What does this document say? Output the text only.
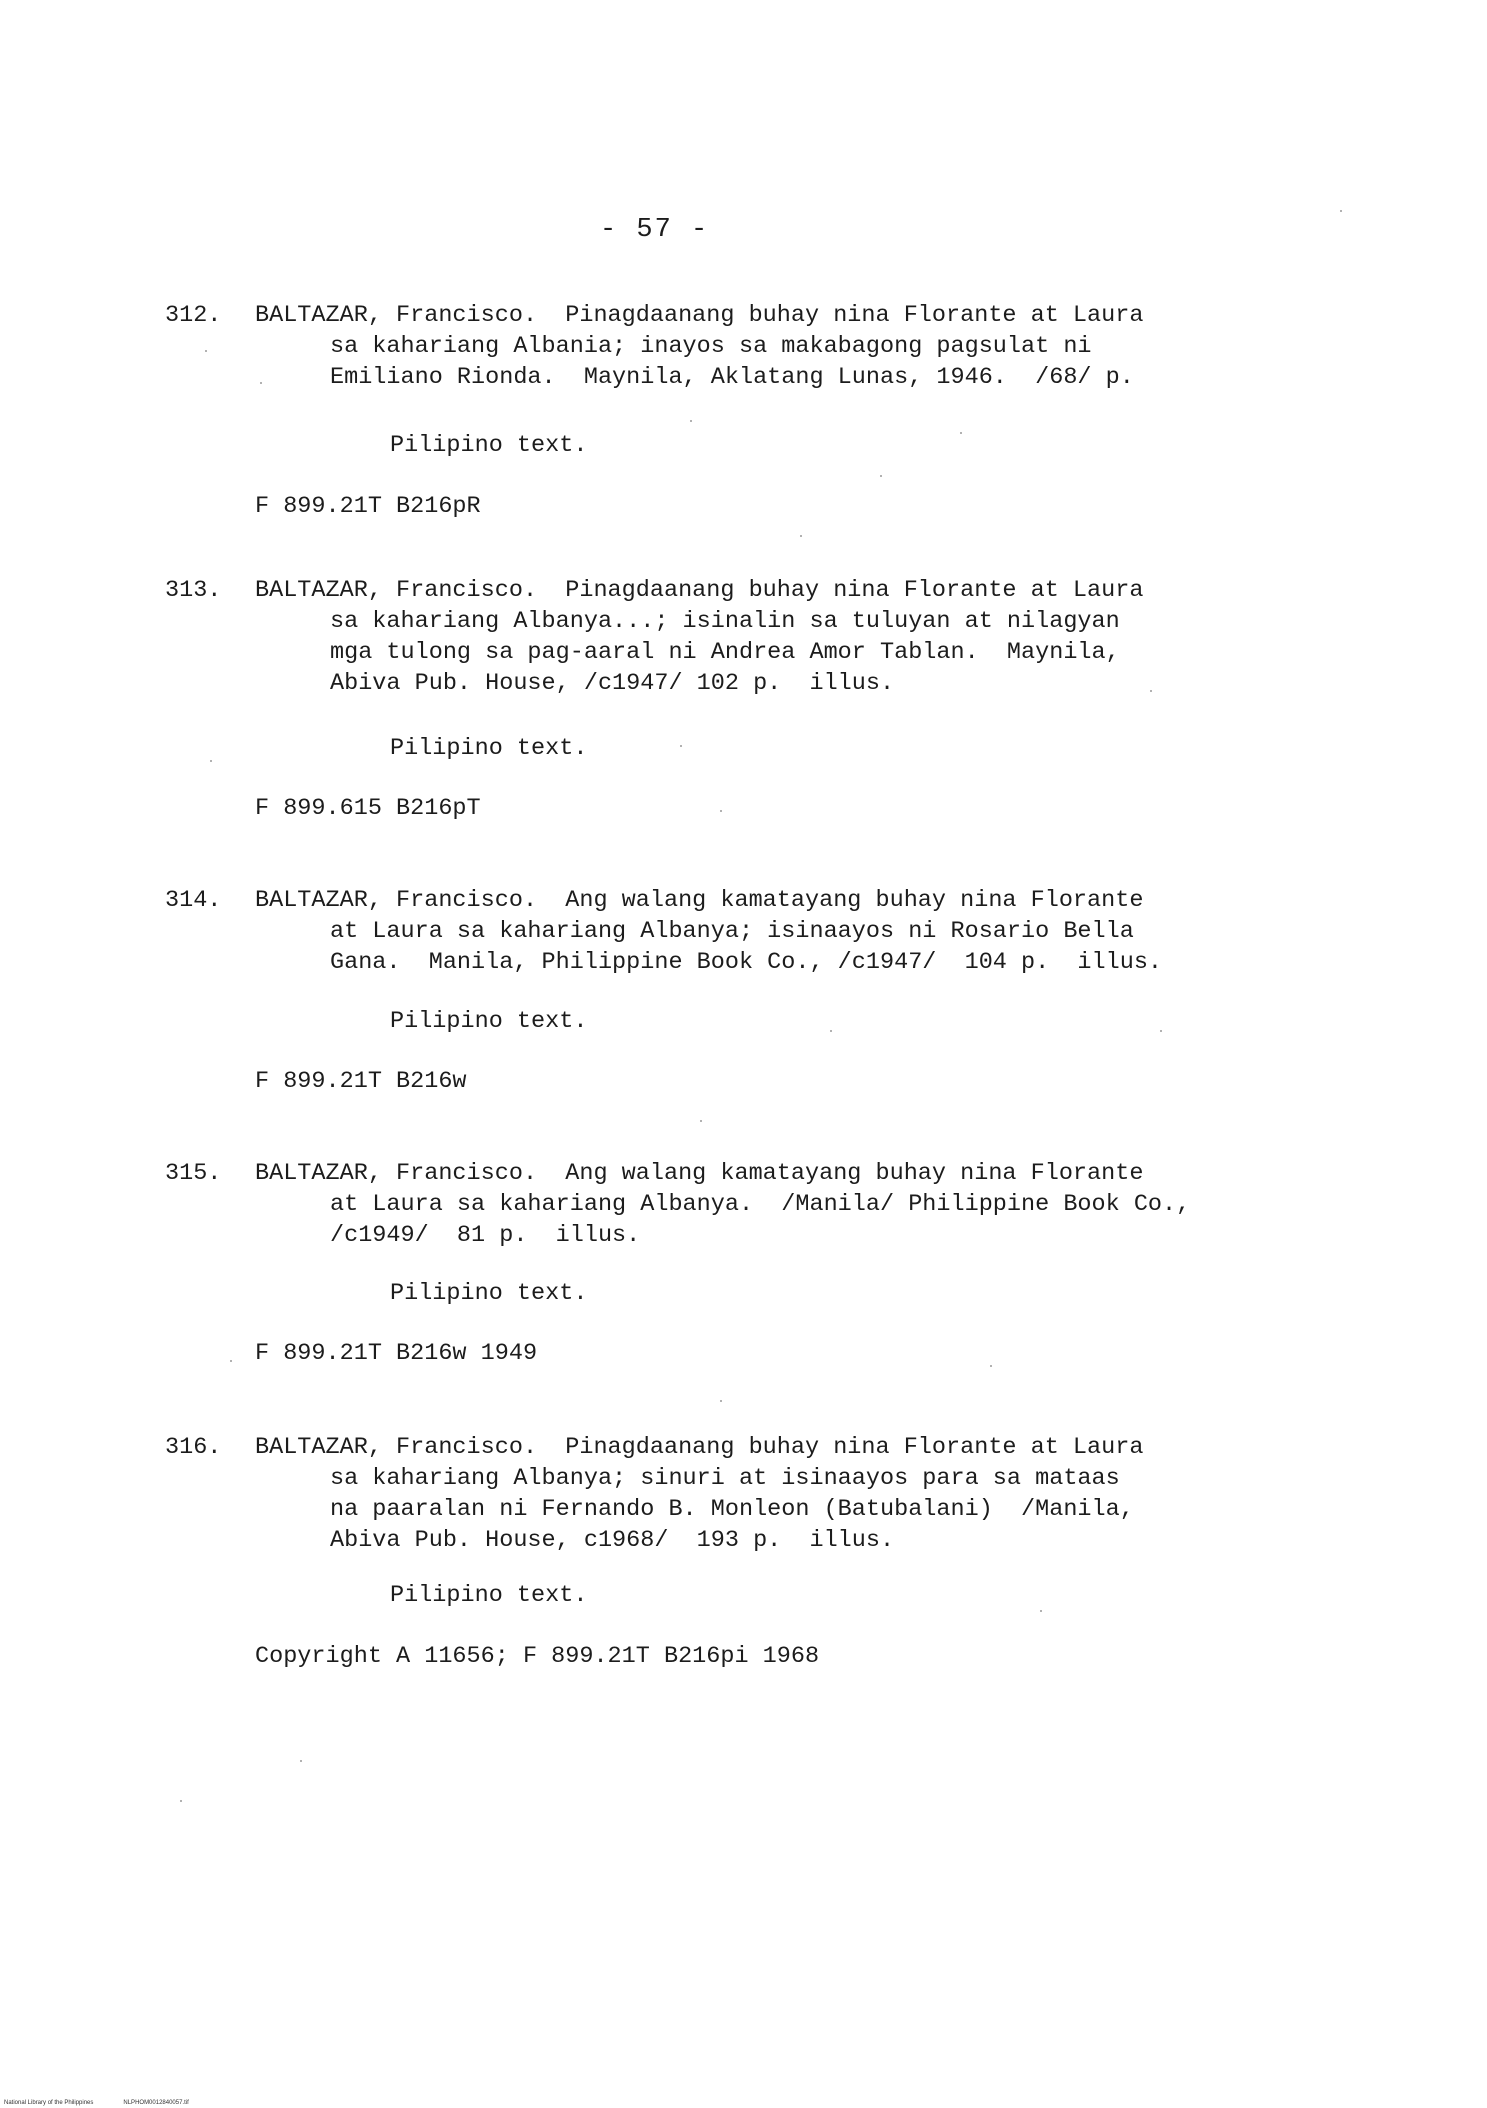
- 57 -
312.	BALTAZAR, Francisco.  Pinagdaanang buhay nina Florante at Laura
sa kahariang Albania; inayos sa makabagong pagsulat ni
Emiliano Rionda.  Maynila, Aklatang Lunas, 1946.  /68/ p.
Pilipino text.
F 899.21T B216pR
313.	BALTAZAR, Francisco.  Pinagdaanang buhay nina Florante at Laura
sa kahariang Albanya...; isinalin sa tuluyan at nilagyan
mga tulong sa pag-aaral ni Andrea Amor Tablan.  Maynila,
Abiva Pub. House, /c1947/ 102 p.  illus.
Pilipino text.
F 899.615 B216pT
314.	BALTAZAR, Francisco.  Ang walang kamatayang buhay nina Florante
at Laura sa kahariang Albanya; isinaayos ni Rosario Bella
Gana.  Manila, Philippine Book Co., /c1947/  104 p.  illus.
Pilipino text.
F 899.21T B216w
315.	BALTAZAR, Francisco.  Ang walang kamatayang buhay nina Florante
at Laura sa kahariang Albanya.  /Manila/ Philippine Book Co.,
/c1949/  81 p.  illus.
Pilipino text.
F 899.21T B216w 1949
316.	BALTAZAR, Francisco.  Pinagdaanang buhay nina Florante at Laura
sa kahariang Albanya; sinuri at isinaayos para sa mataas
na paaralan ni Fernando B. Monleon (Batubalani)  /Manila,
Abiva Pub. House, c1968/  193 p.  illus.
Pilipino text.
Copyright A 11656; F 899.21T B216pi 1968
National Library of the Philippines	NLPHOM0012840057.tif
